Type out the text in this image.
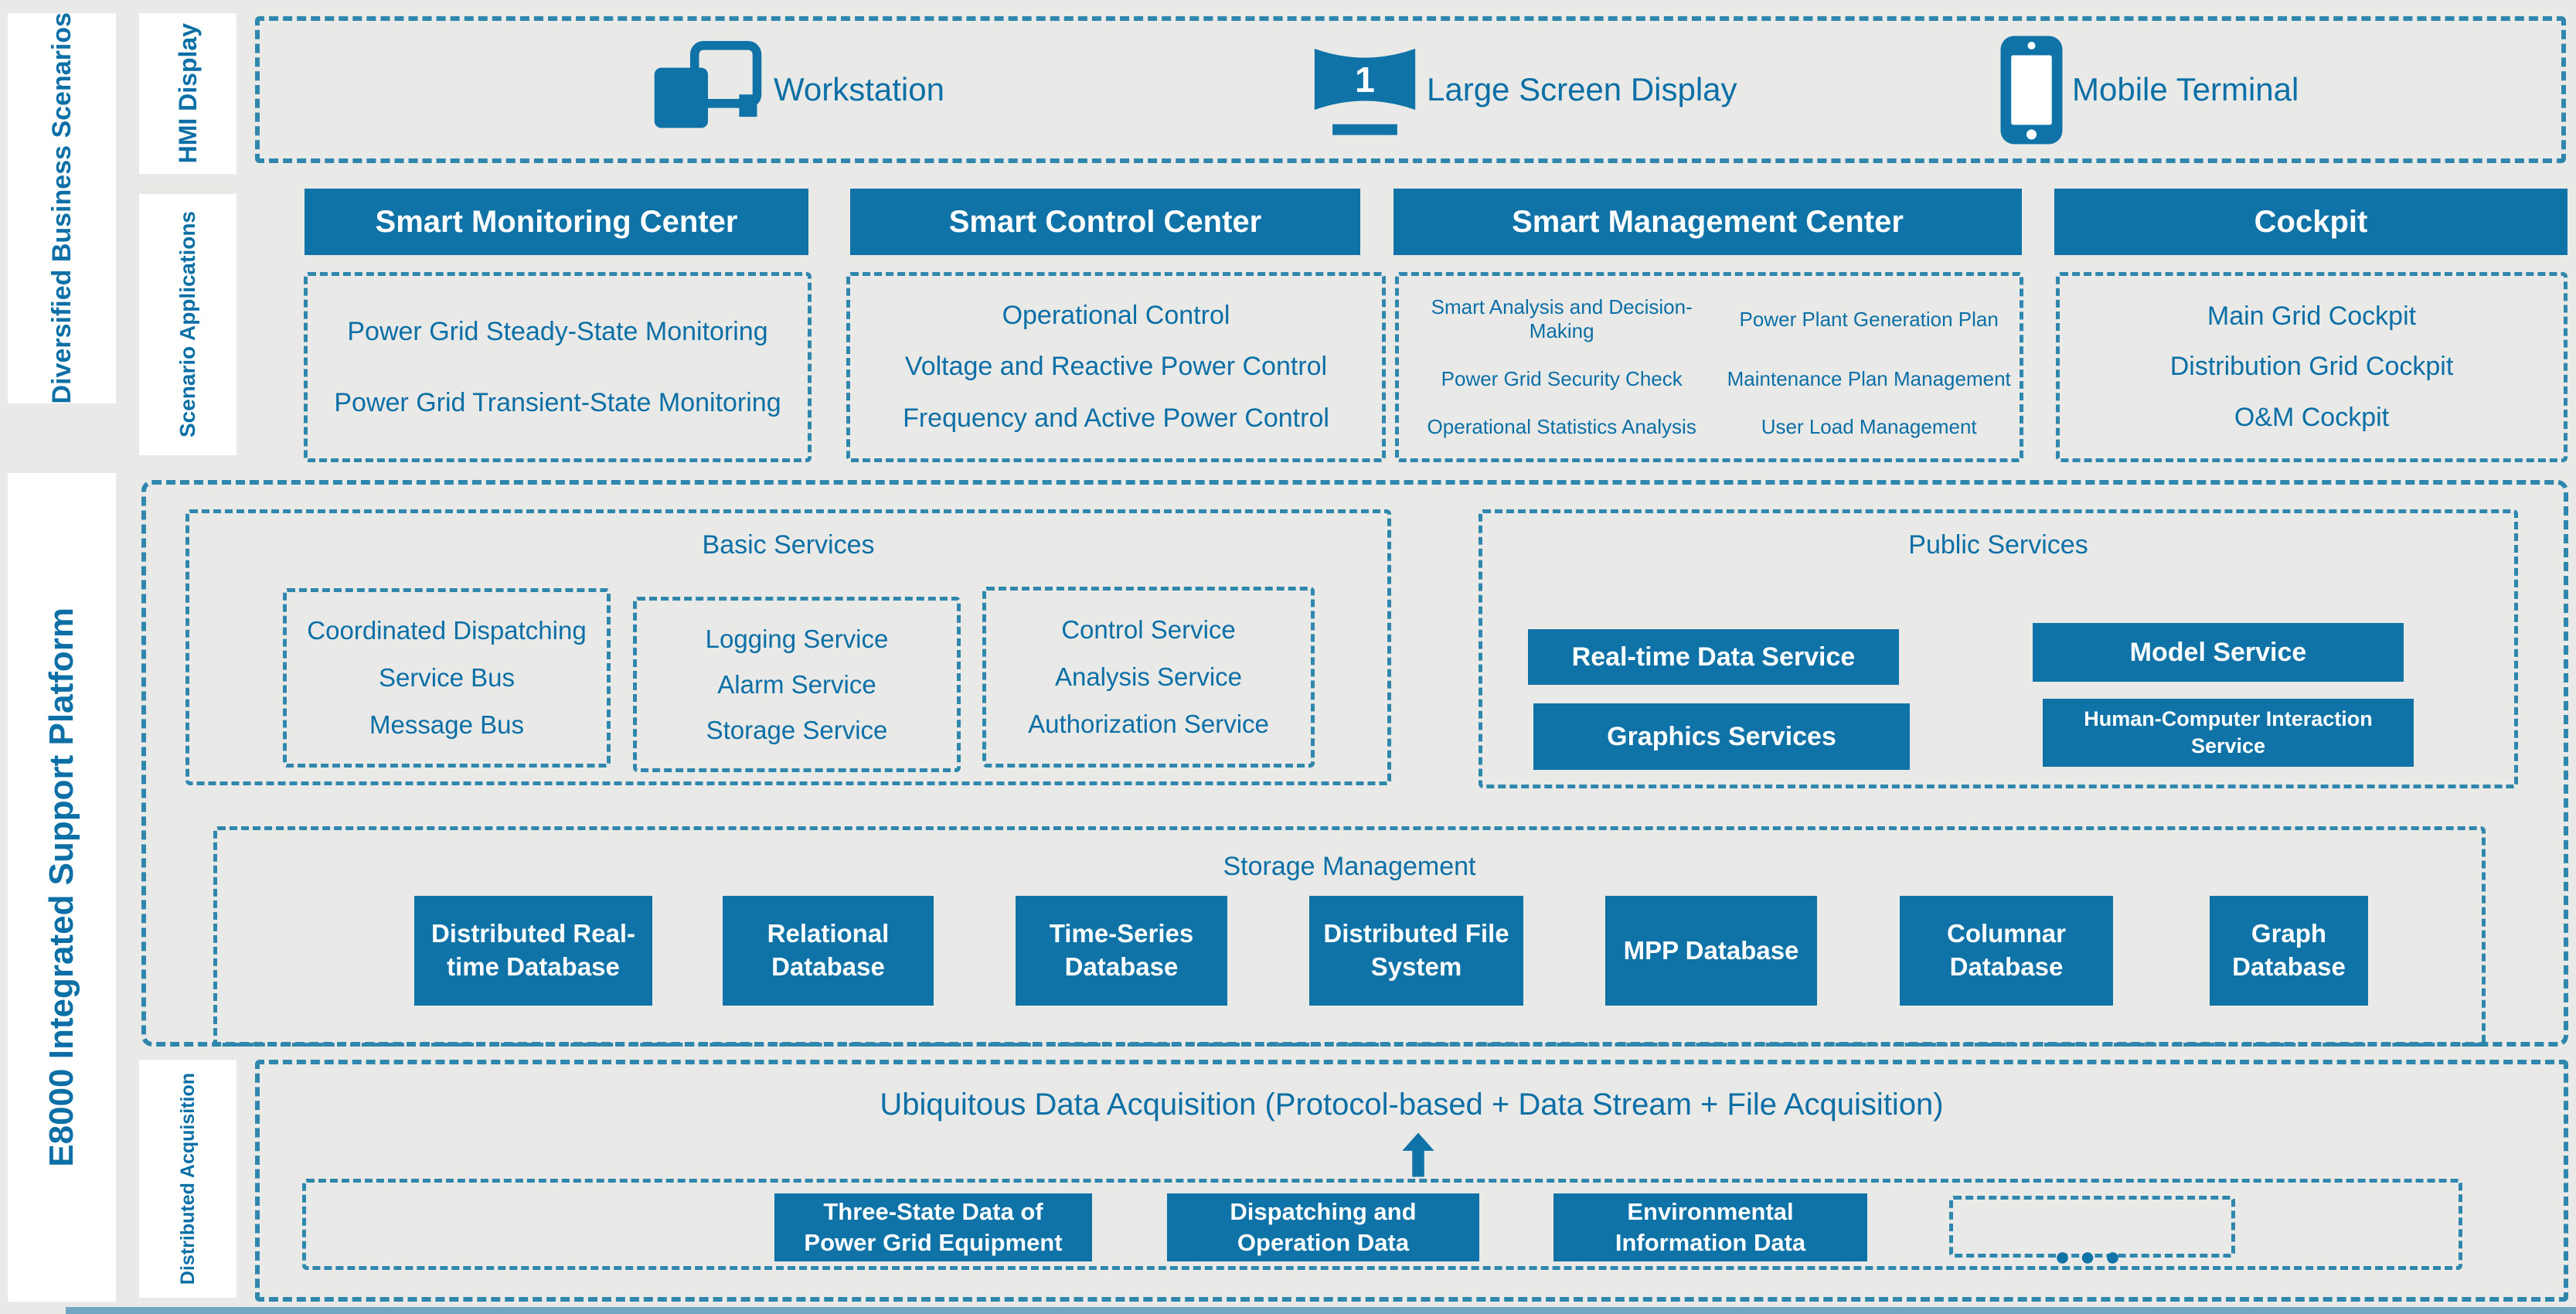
Diversified Business Scenarios
E8000 Integrated Support Platform
HMI Display
Scenario Applications
Distributed Acquisition
Workstation	1 Large Screen Display	Mobile Terminal
Smart Monitoring Center	Smart Control Center	Smart Management Center	Cockpit
Power Grid Steady-State Monitoring
Power Grid Transient-State Monitoring
Operational Control
Voltage and Reactive Power Control
Frequency and Active Power Control
Smart Analysis and Decision-Making
Power Plant Generation Plan
Power Grid Security Check	Maintenance Plan Management
Operational Statistics Analysis	User Load Management
Main Grid Cockpit
Distribution Grid Cockpit
O&M Cockpit
Basic Services
Coordinated Dispatching
Service Bus
Message Bus
Logging Service
Alarm Service
Storage Service
Control Service
Analysis Service
Authorization Service
Public Services
Real-time Data Service
Graphics Services
Model Service
Human-Computer Interaction Service
Storage Management
Distributed Real-time Database
Relational Database
Time-Series Database
Distributed File System
MPP Database
Columnar Database
Graph Database
Ubiquitous Data Acquisition (Protocol-based + Data Stream + File Acquisition)
Three-State Data of Power Grid Equipment
Dispatching and Operation Data
Environmental Information Data	●●●
